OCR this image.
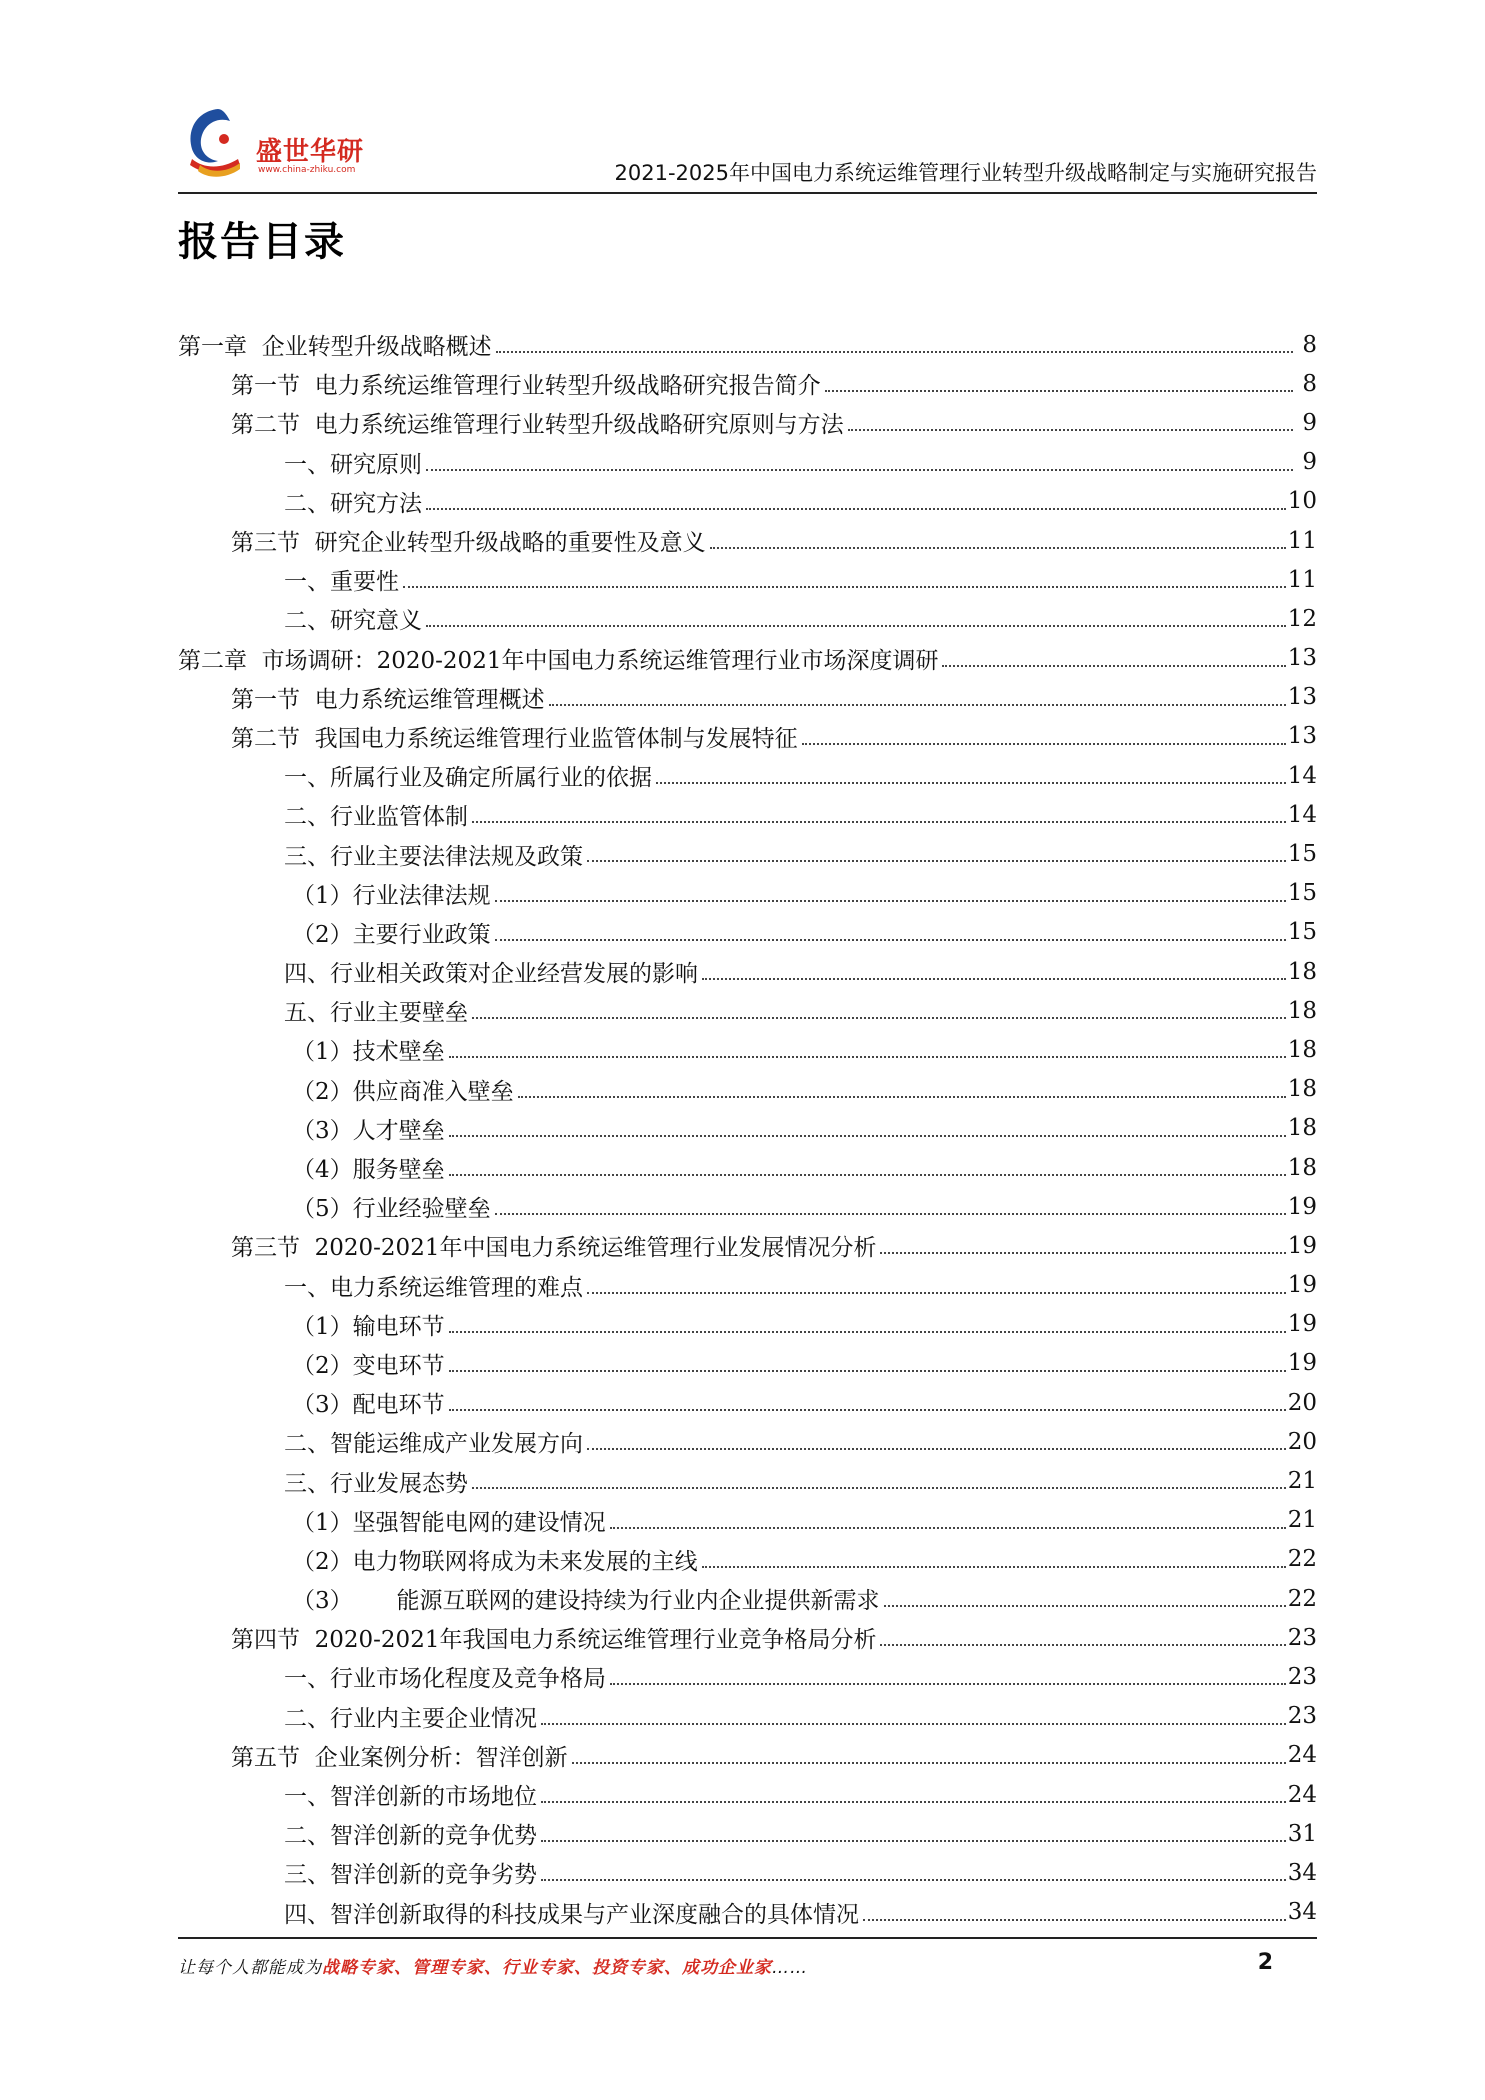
盛世华研
www.china-zhiku.com	2021-2025年中国电力系统运维管理行业转型升级战略制定与实施研究报告
报告目录
第一章  企业转型升级战略概述	8
第一节  电力系统运维管理行业转型升级战略研究报告简介	8
第二节  电力系统运维管理行业转型升级战略研究原则与方法	9
一、研究原则	9
二、研究方法	10
第三节  研究企业转型升级战略的重要性及意义	11
一、重要性	11
二、研究意义	12
第二章  市场调研：2020-2021年中国电力系统运维管理行业市场深度调研	13
第一节  电力系统运维管理概述	13
第二节  我国电力系统运维管理行业监管体制与发展特征	13
一、所属行业及确定所属行业的依据	14
二、行业监管体制	14
三、行业主要法律法规及政策	15
（1）行业法律法规	15
（2）主要行业政策	15
四、行业相关政策对企业经营发展的影响	18
五、行业主要壁垒	18
（1）技术壁垒	18
（2）供应商准入壁垒	18
（3）人才壁垒	18
（4）服务壁垒	18
（5）行业经验壁垒	19
第三节  2020-2021年中国电力系统运维管理行业发展情况分析	19
一、电力系统运维管理的难点	19
（1）输电环节	19
（2）变电环节	19
（3）配电环节	20
二、智能运维成产业发展方向	20
三、行业发展态势	21
（1）坚强智能电网的建设情况	21
（2）电力物联网将成为未来发展的主线	22
（3）      能源互联网的建设持续为行业内企业提供新需求	22
第四节  2020-2021年我国电力系统运维管理行业竞争格局分析	23
一、行业市场化程度及竞争格局	23
二、行业内主要企业情况	23
第五节  企业案例分析：智洋创新	24
一、智洋创新的市场地位	24
二、智洋创新的竞争优势	31
三、智洋创新的竞争劣势	34
四、智洋创新取得的科技成果与产业深度融合的具体情况	34
让每个人都能成为战略专家、管理专家、行业专家、投资专家、成功企业家……	2
